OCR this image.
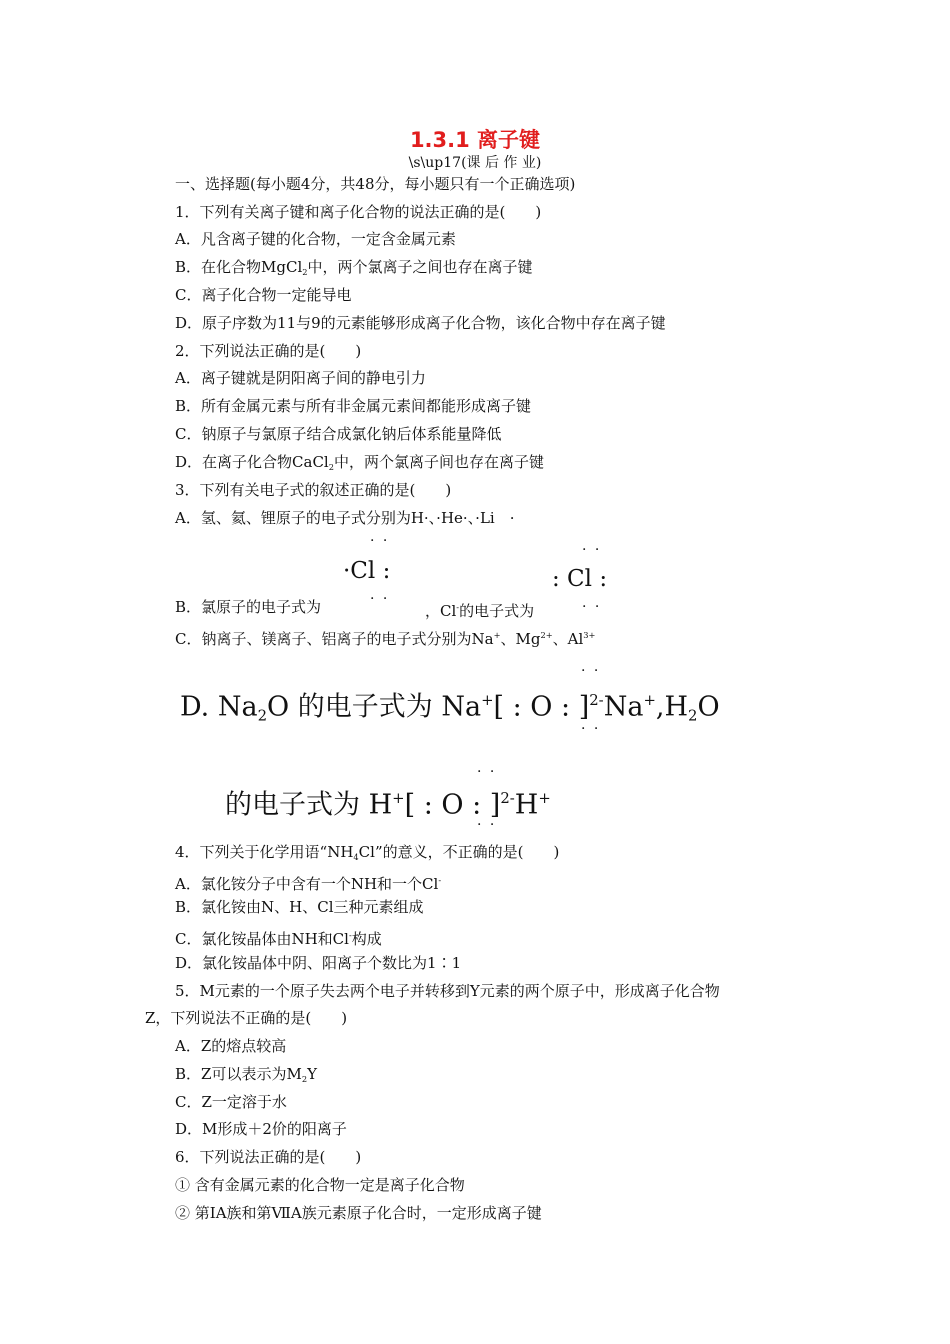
1.3.1 离子键
\s\up17(课 后 作 业)
一、选择题(每小题4分，共48分，每小题只有一个正确选项)
1．下列有关离子键和离子化合物的说法正确的是(　　)
A．凡含离子键的化合物，一定含金属元素
B．在化合物MgCl$_2$中，两个氯离子之间也存在离子键
C．离子化合物一定能导电
D．原子序数为11与9的元素能够形成离子化合物，该化合物中存在离子键
2．下列说法正确的是(　　)
A．离子键就是阴阳离子间的静电引力
B．所有金属元素与所有非金属元素间都能形成离子键
C．钠原子与氯原子结合成氯化钠后体系能量降低
D．在离子化合物CaCl$_2$中，两个氯离子间也存在离子键
3．下列有关电子式的叙述正确的是(　　)
A．氢、氦、锂原子的电子式分别为H·、·He·、·Li　·
· ·
·Cl :
· ·
· ·
: Cl :
· ·
B．氯原子的电子式为	，Cl-的电子式为
C．钠离子、镁离子、铝离子的电子式分别为Na+、$Mg^{2+}$、$Al^{3+}$
· ·
D. $Na_2O$ 的电子式为 Na+[ : O : ]$^{2-}Na^+,H_2O$
· ·
· ·
的电子式为 H+[ : O : ]$^{2-}$H+
· ·
4．下列关于化学用语“$NH_4Cl$”的意义，不正确的是(　　)
A．氯化铵分子中含有一个NH和一个Cl-
B．氯化铵由N、H、Cl三种元素组成
C．氯化铵晶体由NH和Cl-构成
D．氯化铵晶体中阴、阳离子个数比为1∶1
5．M元素的一个原子失去两个电子并转移到Y元素的两个原子中，形成离子化合物
Z，下列说法不正确的是(　　)
A．Z的熔点较高
B．Z可以表示为$M_2Y$
C．Z一定溶于水
D．M形成＋2价的阳离子
6．下列说法正确的是(　　)
① 含有金属元素的化合物一定是离子化合物
② 第ⅠA族和第ⅦA族元素原子化合时，一定形成离子键
